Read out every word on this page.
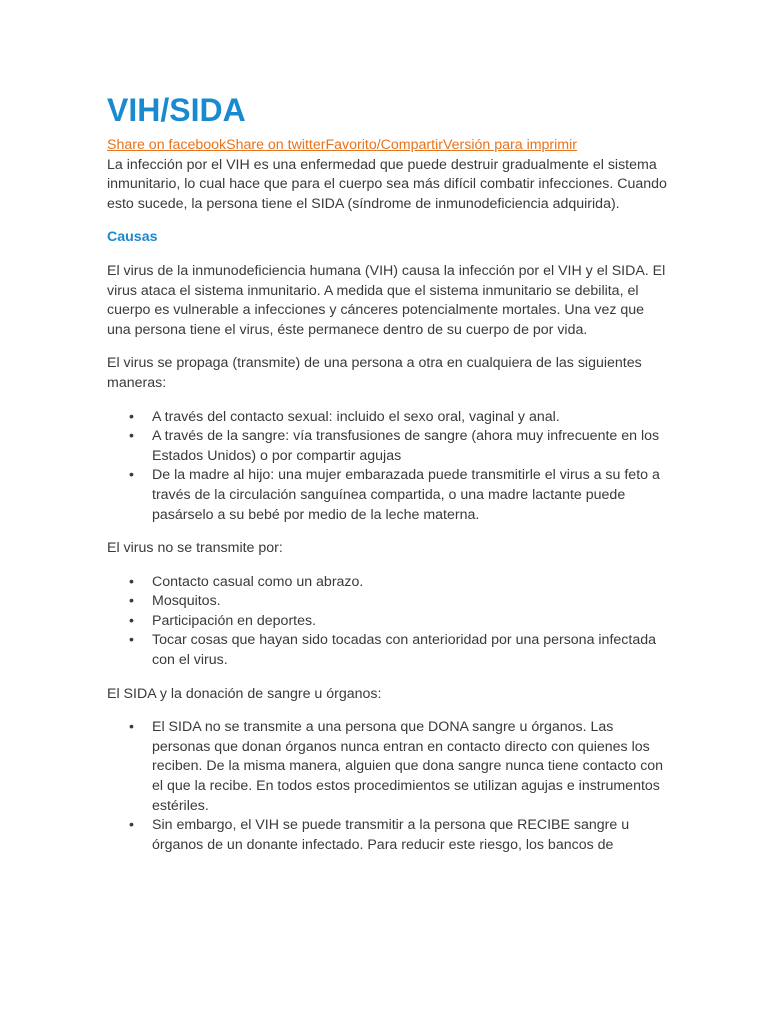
VIH/SIDA
Share on facebookShare on twitterFavorito/CompartirVersión para imprimir

La infección por el VIH es una enfermedad que puede destruir gradualmente el sistema inmunitario, lo cual hace que para el cuerpo sea más difícil combatir infecciones. Cuando esto sucede, la persona tiene el SIDA (síndrome de inmunodeficiencia adquirida).

Causas

El virus de la inmunodeficiencia humana (VIH) causa la infección por el VIH y el SIDA. El virus ataca el sistema inmunitario. A medida que el sistema inmunitario se debilita, el cuerpo es vulnerable a infecciones y cánceres potencialmente mortales. Una vez que una persona tiene el virus, éste permanece dentro de su cuerpo de por vida.

El virus se propaga (transmite) de una persona a otra en cualquiera de las siguientes maneras:

• A través del contacto sexual: incluido el sexo oral, vaginal y anal.
• A través de la sangre: vía transfusiones de sangre (ahora muy infrecuente en los Estados Unidos) o por compartir agujas
• De la madre al hijo: una mujer embarazada puede transmitirle el virus a su feto a través de la circulación sanguínea compartida, o una madre lactante puede pasárselo a su bebé por medio de la leche materna.

El virus no se transmite por:

• Contacto casual como un abrazo.
• Mosquitos.
• Participación en deportes.
• Tocar cosas que hayan sido tocadas con anterioridad por una persona infectada con el virus.

El SIDA y la donación de sangre u órganos:

• El SIDA no se transmite a una persona que DONA sangre u órganos. Las personas que donan órganos nunca entran en contacto directo con quienes los reciben. De la misma manera, alguien que dona sangre nunca tiene contacto con el que la recibe. En todos estos procedimientos se utilizan agujas e instrumentos estériles.
• Sin embargo, el VIH se puede transmitir a la persona que RECIBE sangre u órganos de un donante infectado. Para reducir este riesgo, los bancos de
